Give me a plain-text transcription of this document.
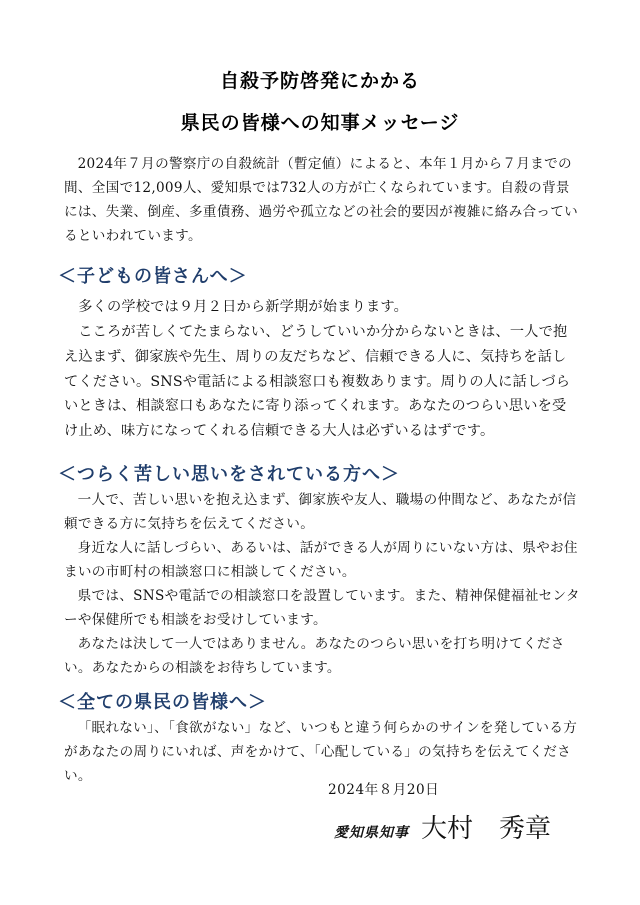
自殺予防啓発にかかる
県民の皆様への知事メッセージ

2024年７月の警察庁の自殺統計（暫定値）によると、本年１月から７月までの間、全国で12,009人、愛知県では732人の方が亡くなられています。自殺の背景には、失業、倒産、多重債務、過労や孤立などの社会的要因が複雑に絡み合っているといわれています。

＜子どもの皆さんへ＞

多くの学校では９月２日から新学期が始まります。

こころが苦しくてたまらない、どうしていいか分からないときは、一人で抱え込まず、御家族や先生、周りの友だちなど、信頼できる人に、気持ちを話してください。SNSや電話による相談窓口も複数あります。周りの人に話しづらいときは、相談窓口もあなたに寄り添ってくれます。あなたのつらい思いを受け止め、味方になってくれる信頼できる大人は必ずいるはずです。

＜つらく苦しい思いをされている方へ＞

一人で、苦しい思いを抱え込まず、御家族や友人、職場の仲間など、あなたが信頼できる方に気持ちを伝えてください。

身近な人に話しづらい、あるいは、話ができる人が周りにいない方は、県やお住まいの市町村の相談窓口に相談してください。

県では、SNSや電話での相談窓口を設置しています。また、精神保健福祉センターや保健所でも相談をお受けしています。

あなたは決して一人ではありません。あなたのつらい思いを打ち明けてください。あなたからの相談をお待ちしています。

＜全ての県民の皆様へ＞

「眠れない」、「食欲がない」など、いつもと違う何らかのサインを発している方があなたの周りにいれば、声をかけて、「心配している」の気持ちを伝えてください。

2024年８月20日
愛知県知事 大村　秀章
